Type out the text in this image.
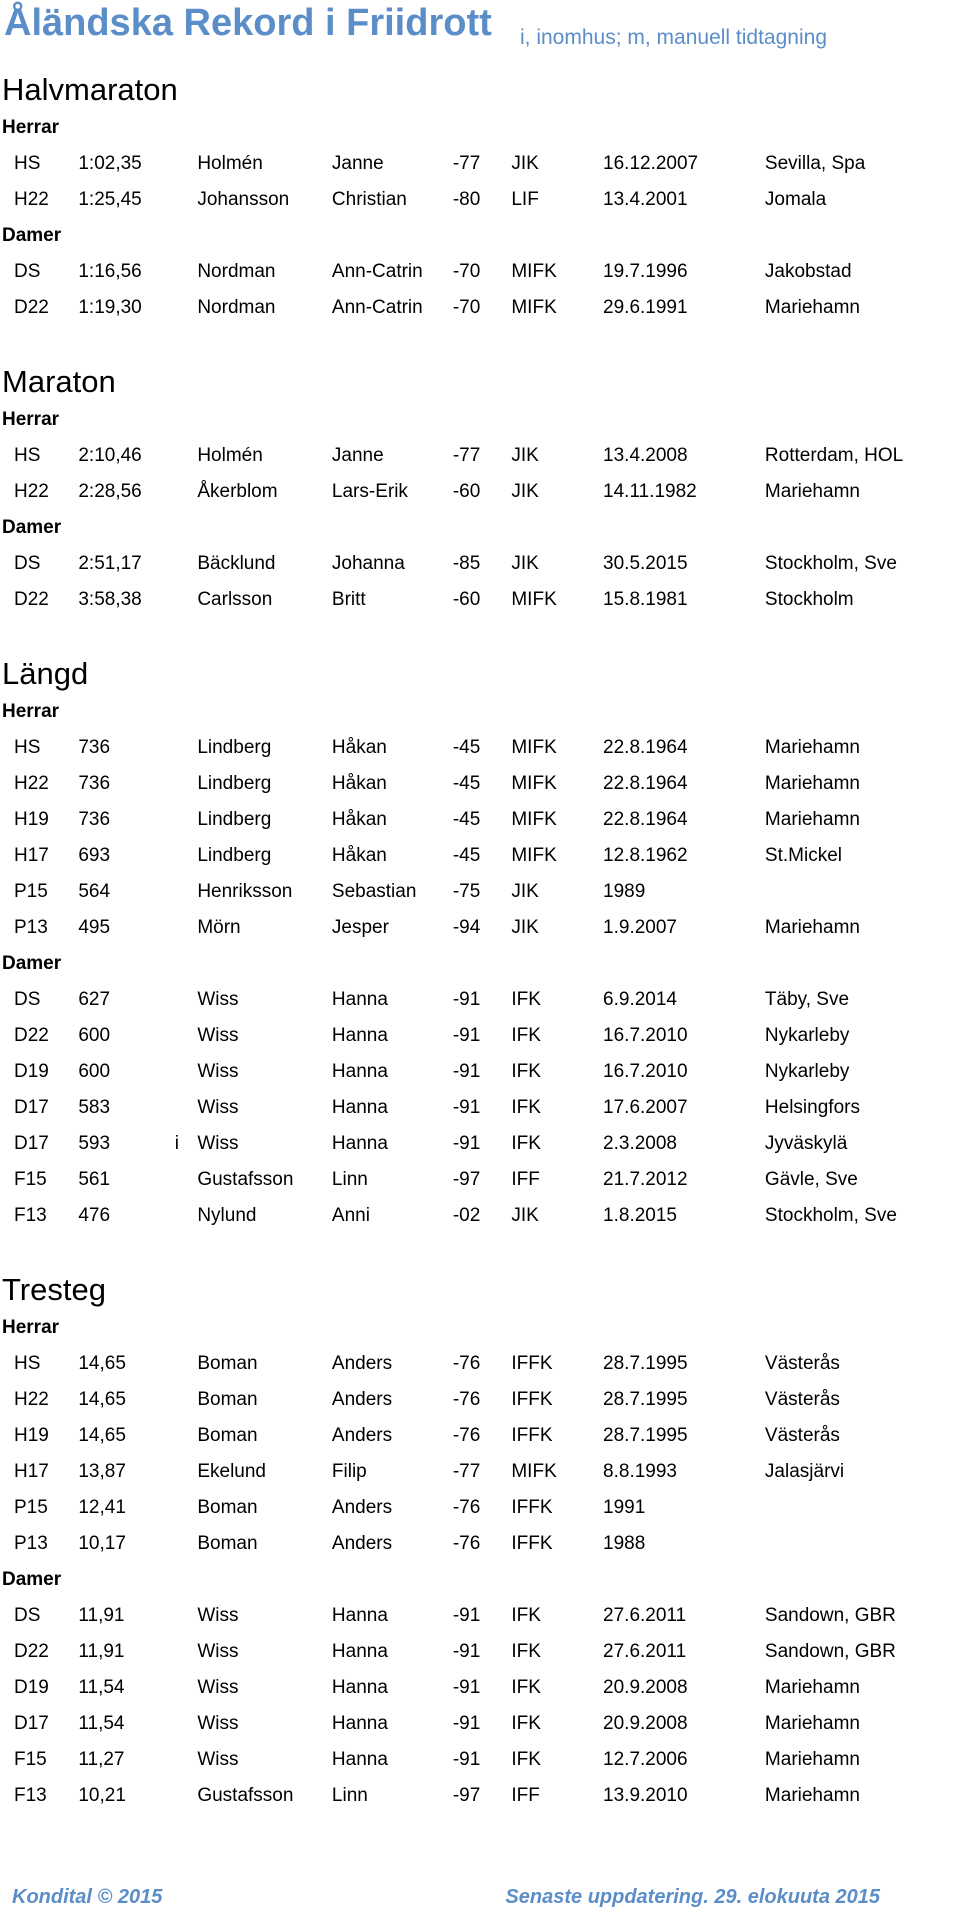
Åländska Rekord i Friidrott i, inomhus; m, manuell tidtagning
Halvmaraton
Herrar
HS	1:02,35	Holmén	Janne	-77	JIK	16.12.2007	Sevilla, Spa
H22	1:25,45	Johansson	Christian	-80	LIF	13.4.2001	Jomala
Damer
DS	1:16,56	Nordman	Ann-Catrin	-70	MIFK	19.7.1996	Jakobstad
D22	1:19,30	Nordman	Ann-Catrin	-70	MIFK	29.6.1991	Mariehamn
Maraton
Herrar
HS	2:10,46	Holmén	Janne	-77	JIK	13.4.2008	Rotterdam, HOL
H22	2:28,56	Åkerblom	Lars-Erik	-60	JIK	14.11.1982	Mariehamn
Damer
DS	2:51,17	Bäcklund	Johanna	-85	JIK	30.5.2015	Stockholm, Sve
D22	3:58,38	Carlsson	Britt	-60	MIFK	15.8.1981	Stockholm
Längd
Herrar
HS	736	Lindberg	Håkan	-45	MIFK	22.8.1964	Mariehamn
H22	736	Lindberg	Håkan	-45	MIFK	22.8.1964	Mariehamn
H19	736	Lindberg	Håkan	-45	MIFK	22.8.1964	Mariehamn
H17	693	Lindberg	Håkan	-45	MIFK	12.8.1962	St.Mickel
P15	564	Henriksson	Sebastian	-75	JIK	1989
P13	495	Mörn	Jesper	-94	JIK	1.9.2007	Mariehamn
Damer
DS	627	Wiss	Hanna	-91	IFK	6.9.2014	Täby, Sve
D22	600	Wiss	Hanna	-91	IFK	16.7.2010	Nykarleby
D19	600	Wiss	Hanna	-91	IFK	16.7.2010	Nykarleby
D17	583	Wiss	Hanna	-91	IFK	17.6.2007	Helsingfors
D17	593	i Wiss	Hanna	-91	IFK	2.3.2008	Jyväskylä
F15	561	Gustafsson	Linn	-97	IFF	21.7.2012	Gävle, Sve
F13	476	Nylund	Anni	-02	JIK	1.8.2015	Stockholm, Sve
Tresteg
Herrar
HS	14,65	Boman	Anders	-76	IFFK	28.7.1995	Västerås
H22	14,65	Boman	Anders	-76	IFFK	28.7.1995	Västerås
H19	14,65	Boman	Anders	-76	IFFK	28.7.1995	Västerås
H17	13,87	Ekelund	Filip	-77	MIFK	8.8.1993	Jalasjärvi
P15	12,41	Boman	Anders	-76	IFFK	1991
P13	10,17	Boman	Anders	-76	IFFK	1988
Damer
DS	11,91	Wiss	Hanna	-91	IFK	27.6.2011	Sandown, GBR
D22	11,91	Wiss	Hanna	-91	IFK	27.6.2011	Sandown, GBR
D19	11,54	Wiss	Hanna	-91	IFK	20.9.2008	Mariehamn
D17	11,54	Wiss	Hanna	-91	IFK	20.9.2008	Mariehamn
F15	11,27	Wiss	Hanna	-91	IFK	12.7.2006	Mariehamn
F13	10,21	Gustafsson	Linn	-97	IFF	13.9.2010	Mariehamn
Kondital © 2015	Senaste uppdatering. 29. elokuuta 2015
